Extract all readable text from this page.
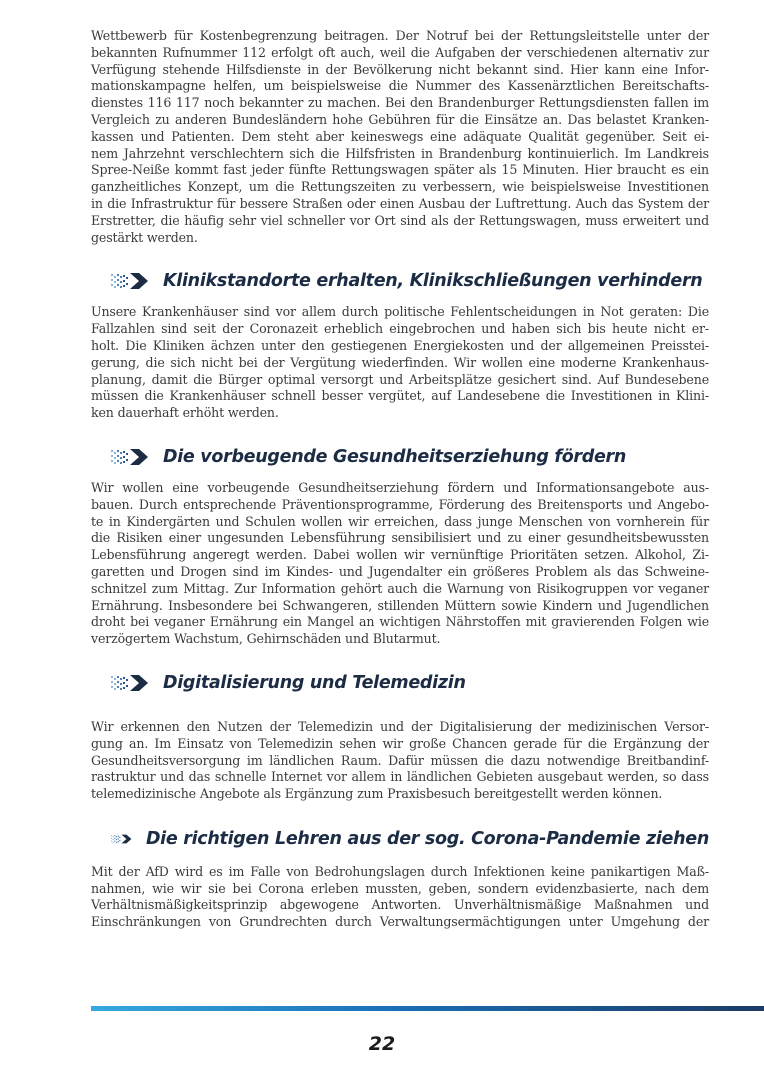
Wettbewerb für Kostenbegrenzung beitragen. Der Notruf bei der Rettungsleitstelle unter der
bekannten Rufnummer 112 erfolgt oft auch, weil die Aufgaben der verschiedenen alternativ zur
Verfügung stehende Hilfsdienste in der Bevölkerung nicht bekannt sind. Hier kann eine Infor-
mationskampagne helfen, um beispielsweise die Nummer des Kassenärztlichen Bereitschafts-
dienstes 116 117 noch bekannter zu machen. Bei den Brandenburger Rettungsdiensten fallen im
Vergleich zu anderen Bundesländern hohe Gebühren für die Einsätze an. Das belastet Kranken-
kassen und Patienten. Dem steht aber keineswegs eine adäquate Qualität gegenüber. Seit ei-
nem Jahrzehnt verschlechtern sich die Hilfsfristen in Brandenburg kontinuierlich. Im Landkreis
Spree-Neiße kommt fast jeder fünfte Rettungswagen später als 15 Minuten. Hier braucht es ein
ganzheitliches Konzept, um die Rettungszeiten zu verbessern, wie beispielsweise Investitionen
in die Infrastruktur für bessere Straßen oder einen Ausbau der Luftrettung. Auch das System der
Erstretter, die häufig sehr viel schneller vor Ort sind als der Rettungswagen, muss erweitert und
gestärkt werden.
Klinikstandorte erhalten, Klinikschließungen verhindern
Unsere Krankenhäuser sind vor allem durch politische Fehlentscheidungen in Not geraten: Die
Fallzahlen sind seit der Coronazeit erheblich eingebrochen und haben sich bis heute nicht er-
holt. Die Kliniken ächzen unter den gestiegenen Energiekosten und der allgemeinen Preisstei-
gerung, die sich nicht bei der Vergütung wiederfinden. Wir wollen eine moderne Krankenhaus-
planung, damit die Bürger optimal versorgt und Arbeitsplätze gesichert sind. Auf Bundesebene
müssen die Krankenhäuser schnell besser vergütet, auf Landesebene die Investitionen in Klini-
ken dauerhaft erhöht werden.
Die vorbeugende Gesundheitserziehung fördern
Wir wollen eine vorbeugende Gesundheitserziehung fördern und Informationsangebote aus-
bauen. Durch entsprechende Präventionsprogramme, Förderung des Breitensports und Angebo-
te in Kindergärten und Schulen wollen wir erreichen, dass junge Menschen von vornherein für
die Risiken einer ungesunden Lebensführung sensibilisiert und zu einer gesundheitsbewussten
Lebensführung angeregt werden. Dabei wollen wir vernünftige Prioritäten setzen. Alkohol, Zi-
garetten und Drogen sind im Kindes- und Jugendalter ein größeres Problem als das Schweine-
schnitzel zum Mittag. Zur Information gehört auch die Warnung von Risikogruppen vor veganer
Ernährung. Insbesondere bei Schwangeren, stillenden Müttern sowie Kindern und Jugendlichen
droht bei veganer Ernährung ein Mangel an wichtigen Nährstoffen mit gravierenden Folgen wie
verzögertem Wachstum, Gehirnschäden und Blutarmut.
Digitalisierung und Telemedizin
Wir erkennen den Nutzen der Telemedizin und der Digitalisierung der medizinischen Versor-
gung an. Im Einsatz von Telemedizin sehen wir große Chancen gerade für die Ergänzung der
Gesundheitsversorgung im ländlichen Raum. Dafür müssen die dazu notwendige Breitbandinf-
rastruktur und das schnelle Internet vor allem in ländlichen Gebieten ausgebaut werden, so dass
telemedizinische Angebote als Ergänzung zum Praxisbesuch bereitgestellt werden können.
Die richtigen Lehren aus der sog. Corona-Pandemie ziehen
Mit der AfD wird es im Falle von Bedrohungslagen durch Infektionen keine panikartigen Maß-
nahmen, wie wir sie bei Corona erleben mussten, geben, sondern evidenzbasierte, nach dem
Verhältnismäßigkeitsprinzip abgewogene Antworten. Unverhältnismäßige Maßnahmen und
Einschränkungen von Grundrechten durch Verwaltungsermächtigungen unter Umgehung der
22
